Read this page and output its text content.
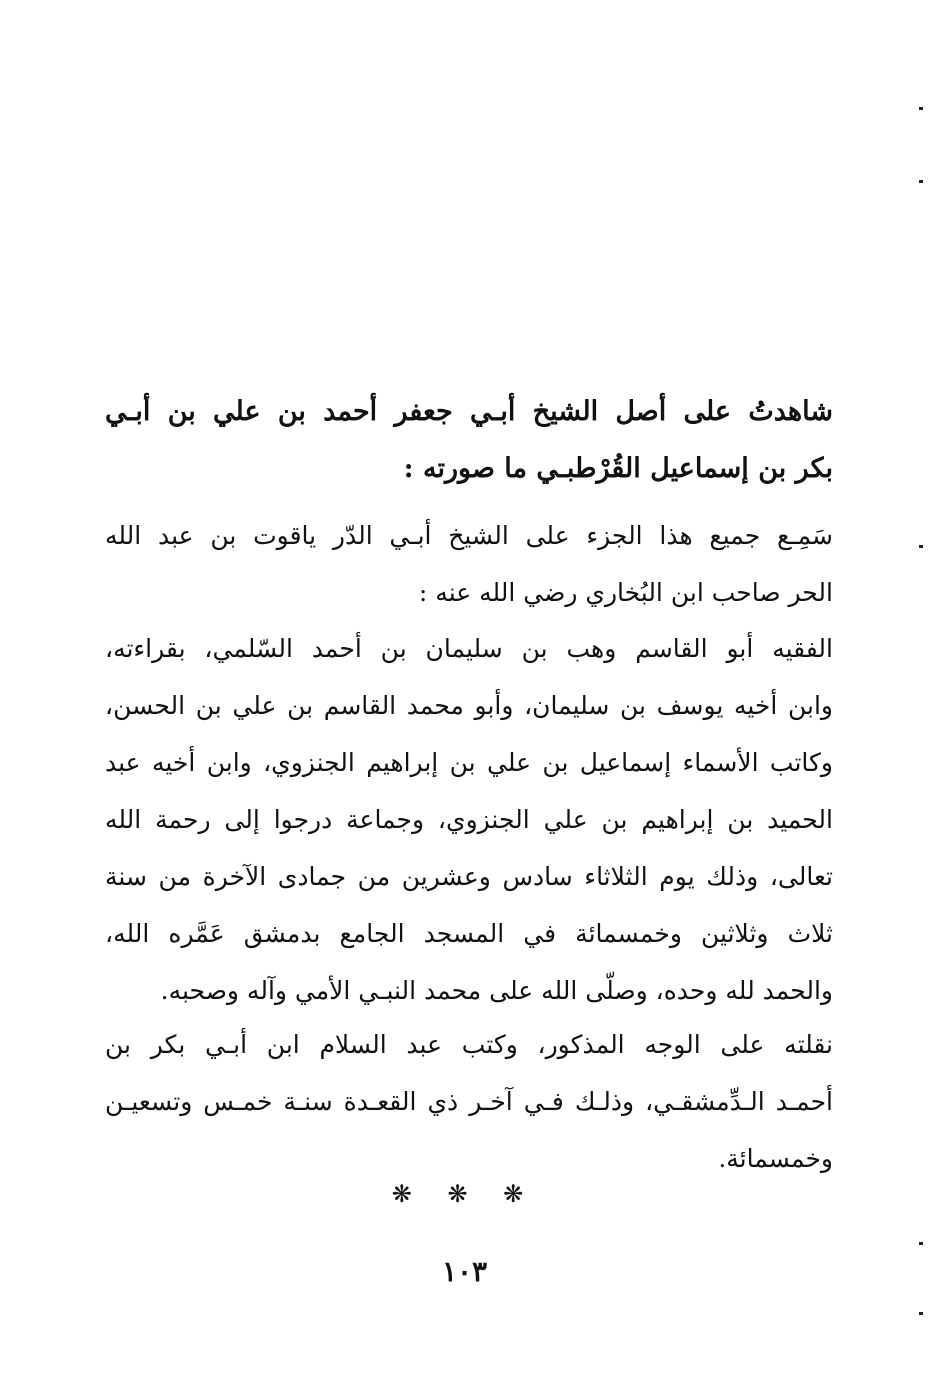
شاهدتُ على أصل الشيخ أبـي جعفر أحمد بن علي بن أبـي
بكر بن إسماعيل القُرْطبـي ما صورته :
سَمِـع جميع هذا الجزء على الشيخ أبـي الدّر ياقوت بن عبد الله
الحر صاحب ابن البُخاري رضي الله عنه :
الفقيه أبو القاسم وهب بن سليمان بن أحمد السّلمي، بقراءته،
وابن أخيه يوسف بن سليمان، وأبو محمد القاسم بن علي بن الحسن،
وكاتب الأسماء إسماعيل بن علي بن إبراهيم الجنزوي، وابن أخيه عبد
الحميد بن إبراهيم بن علي الجنزوي، وجماعة درجوا إلى رحمة الله
تعالى، وذلك يوم الثلاثاء سادس وعشرين من جمادى الآخرة من سنة
ثلاث وثلاثين وخمسمائة في المسجد الجامع بدمشق عَمَّره الله،
والحمد لله وحده، وصلّى الله على محمد النبـي الأمي وآله وصحبه.
نقلته على الوجه المذكور، وكتب عبد السلام ابن أبـي بكر بن
أحمـد الـدِّمشقـي، وذلـك فـي آخـر ذي القعـدة سنـة خمـس وتسعيـن
وخمسمائة.
❋ ❋ ❋
١٠٣
